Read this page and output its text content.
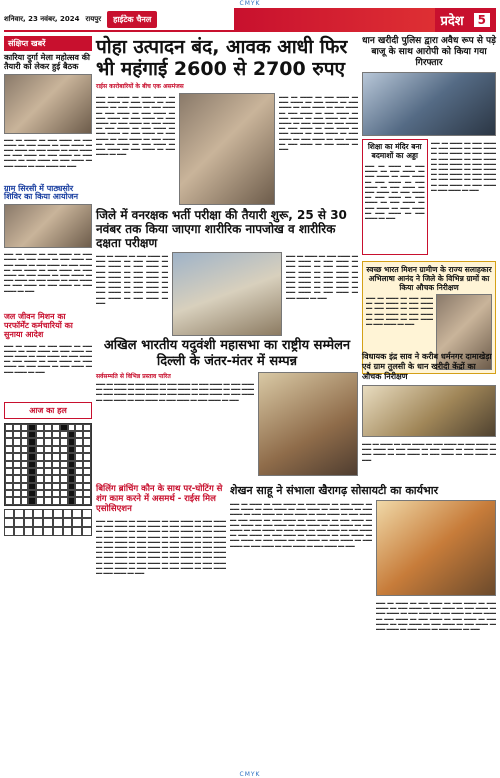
CMYK
शनिवार, 23 नवंबर, 2024 रायपुर	हाईटेक चैनल	प्रदेश	5
संक्षिप्त खबरें
कारिया दुर्गा मेला महोत्सव की तैयारी को लेकर हुई बैठक
▂▂▂ ▂▂ ▂▂▂▂ ▂▂ ▂▂▂ ▂▂▂▂ ▂▂ ▂▂▂ ▂▂▂▂ ▂▂ ▂▂▂ ▂▂▂▂ ▂▂ ▂▂▂ ▂▂▂▂ ▂▂ ▂▂▂ ▂▂▂▂ ▂▂ ▂▂▂ ▂▂▂▂ ▂▂ ▂▂▂ ▂▂▂▂ ▂▂ ▂▂▂ ▂▂▂▂ ▂▂ ▂▂▂ ▂▂▂▂ ▂▂ ▂▂▂ ▂▂▂▂ ▂▂ ▂▂▂ ▂▂▂▂ ▂▂ ▂▂▂ ▂▂▂▂ ▂▂ ▂▂▂ ▂▂▂▂ ▂▂ ▂▂▂ ▂▂▂▂ ▂▂ ▂▂▂
ग्राम सिरसी में पाठ्यसोर शिविर का किया आयोजन
▂▂▂ ▂▂ ▂▂▂▂ ▂▂ ▂▂▂ ▂▂▂▂ ▂▂ ▂▂▂ ▂▂▂▂ ▂▂ ▂▂▂ ▂▂▂▂ ▂▂ ▂▂▂ ▂▂▂▂ ▂▂ ▂▂▂ ▂▂▂▂ ▂▂ ▂▂▂ ▂▂▂▂ ▂▂ ▂▂▂ ▂▂▂▂ ▂▂ ▂▂▂ ▂▂▂▂ ▂▂ ▂▂▂ ▂▂▂▂ ▂▂ ▂▂▂ ▂▂▂▂ ▂▂ ▂▂▂ ▂▂▂▂ ▂▂ ▂▂▂ ▂▂▂▂ ▂▂ ▂▂▂ ▂▂▂▂ ▂▂ ▂▂▂ ▂▂▂▂ ▂▂ ▂▂▂ ▂▂▂▂ ▂▂ ▂▂▂ ▂▂▂▂ ▂▂ ▂▂▂ ▂▂▂▂ ▂▂ ▂▂▂ ▂▂▂▂ ▂▂ ▂▂▂
जल जीवन मिशन का परफॉर्मेंट कर्मचारियों का सुनाया आदेश
▂▂▂ ▂▂ ▂▂▂▂ ▂▂ ▂▂▂ ▂▂▂▂ ▂▂ ▂▂▂ ▂▂▂▂ ▂▂ ▂▂▂ ▂▂▂▂ ▂▂ ▂▂▂ ▂▂▂▂ ▂▂ ▂▂▂ ▂▂▂▂ ▂▂ ▂▂▂ ▂▂▂▂ ▂▂ ▂▂▂ ▂▂▂▂ ▂▂ ▂▂▂ ▂▂▂▂ ▂▂ ▂▂▂ ▂▂▂▂ ▂▂ ▂▂▂ ▂▂▂▂ ▂▂ ▂▂▂ ▂▂▂▂ ▂▂ ▂▂▂ ▂▂▂▂ ▂▂ ▂▂▂ ▂▂▂▂ ▂▂ ▂▂▂
आज का हल
पोहा उत्पादन बंद, आवक आधी फिर भी महंगाई 2600 से 2700 रुपए
राईस कारोबारियों के बीच एक असमंजस
▂▂▂ ▂▂ ▂▂▂▂ ▂▂ ▂▂▂ ▂▂▂▂ ▂▂ ▂▂▂ ▂▂▂▂ ▂▂ ▂▂▂ ▂▂▂▂ ▂▂ ▂▂▂ ▂▂▂▂ ▂▂ ▂▂▂ ▂▂▂▂ ▂▂ ▂▂▂ ▂▂▂▂ ▂▂ ▂▂▂ ▂▂▂▂ ▂▂ ▂▂▂ ▂▂▂▂ ▂▂ ▂▂▂ ▂▂▂▂ ▂▂ ▂▂▂ ▂▂▂▂ ▂▂ ▂▂▂ ▂▂▂▂ ▂▂ ▂▂▂ ▂▂▂▂ ▂▂ ▂▂▂ ▂▂▂▂ ▂▂ ▂▂▂ ▂▂▂▂ ▂▂ ▂▂▂ ▂▂▂▂ ▂▂ ▂▂▂ ▂▂▂▂ ▂▂ ▂▂▂ ▂▂▂▂ ▂▂ ▂▂▂ ▂▂▂▂ ▂▂ ▂▂▂ ▂▂▂▂ ▂▂ ▂▂▂ ▂▂▂▂ ▂▂ ▂▂▂ ▂▂▂▂ ▂▂ ▂▂▂ ▂▂▂▂ ▂▂ ▂▂▂ ▂▂▂▂ ▂▂ ▂▂▂ ▂▂▂▂ ▂▂ ▂▂▂ ▂▂▂▂ ▂▂ ▂▂▂
▂▂▂ ▂▂ ▂▂▂▂ ▂▂ ▂▂▂ ▂▂▂▂ ▂▂ ▂▂▂ ▂▂▂▂ ▂▂ ▂▂▂ ▂▂▂▂ ▂▂ ▂▂▂ ▂▂▂▂ ▂▂ ▂▂▂ ▂▂▂▂ ▂▂ ▂▂▂ ▂▂▂▂ ▂▂ ▂▂▂ ▂▂▂▂ ▂▂ ▂▂▂ ▂▂▂▂ ▂▂ ▂▂▂ ▂▂▂▂ ▂▂ ▂▂▂ ▂▂▂▂ ▂▂ ▂▂▂ ▂▂▂▂ ▂▂ ▂▂▂ ▂▂▂▂ ▂▂ ▂▂▂ ▂▂▂▂ ▂▂ ▂▂▂ ▂▂▂▂ ▂▂ ▂▂▂ ▂▂▂▂ ▂▂ ▂▂▂ ▂▂▂▂ ▂▂ ▂▂▂ ▂▂▂▂ ▂▂ ▂▂▂ ▂▂▂▂ ▂▂ ▂▂▂ ▂▂▂▂ ▂▂ ▂▂▂ ▂▂▂▂ ▂▂ ▂▂▂ ▂▂▂▂ ▂▂ ▂▂▂ ▂▂▂▂ ▂▂ ▂▂▂
जिले में वनरक्षक भर्ती परीक्षा की तैयारी शुरू, 25 से 30 नवंबर तक किया जाएगा शारीरिक नापजोख व शारीरिक दक्षता परीक्षण
▂▂▂ ▂▂ ▂▂▂▂ ▂▂ ▂▂▂ ▂▂▂▂ ▂▂ ▂▂▂ ▂▂▂▂ ▂▂ ▂▂▂ ▂▂▂▂ ▂▂ ▂▂▂ ▂▂▂▂ ▂▂ ▂▂▂ ▂▂▂▂ ▂▂ ▂▂▂ ▂▂▂▂ ▂▂ ▂▂▂ ▂▂▂▂ ▂▂ ▂▂▂ ▂▂▂▂ ▂▂ ▂▂▂ ▂▂▂▂ ▂▂ ▂▂▂ ▂▂▂▂ ▂▂ ▂▂▂ ▂▂▂▂ ▂▂ ▂▂▂ ▂▂▂▂ ▂▂ ▂▂▂ ▂▂▂▂ ▂▂ ▂▂▂ ▂▂▂▂ ▂▂ ▂▂▂ ▂▂▂▂ ▂▂ ▂▂▂ ▂▂▂▂ ▂▂ ▂▂▂ ▂▂▂▂ ▂▂ ▂▂▂
▂▂▂ ▂▂ ▂▂▂▂ ▂▂ ▂▂▂ ▂▂▂▂ ▂▂ ▂▂▂ ▂▂▂▂ ▂▂ ▂▂▂ ▂▂▂▂ ▂▂ ▂▂▂ ▂▂▂▂ ▂▂ ▂▂▂ ▂▂▂▂ ▂▂ ▂▂▂ ▂▂▂▂ ▂▂ ▂▂▂ ▂▂▂▂ ▂▂ ▂▂▂ ▂▂▂▂ ▂▂ ▂▂▂ ▂▂▂▂ ▂▂ ▂▂▂ ▂▂▂▂ ▂▂ ▂▂▂ ▂▂▂▂ ▂▂ ▂▂▂ ▂▂▂▂ ▂▂ ▂▂▂ ▂▂▂▂ ▂▂ ▂▂▂ ▂▂▂▂ ▂▂ ▂▂▂ ▂▂▂▂ ▂▂ ▂▂▂ ▂▂▂▂ ▂▂ ▂▂▂
अखिल भारतीय यदुवंशी महासभा का राष्ट्रीय सम्मेलन दिल्ली के जंतर-मंतर में सम्पन्न
सर्वसम्मति से विभिन्न प्रस्ताव पारित
▂▂▂ ▂▂ ▂▂▂▂ ▂▂ ▂▂▂ ▂▂▂▂ ▂▂ ▂▂▂ ▂▂▂▂ ▂▂ ▂▂▂ ▂▂▂▂ ▂▂ ▂▂▂ ▂▂▂▂ ▂▂ ▂▂▂ ▂▂▂▂ ▂▂ ▂▂▂ ▂▂▂▂ ▂▂ ▂▂▂ ▂▂▂▂ ▂▂ ▂▂▂ ▂▂▂▂ ▂▂ ▂▂▂ ▂▂▂▂ ▂▂ ▂▂▂ ▂▂▂▂ ▂▂ ▂▂▂ ▂▂▂▂ ▂▂ ▂▂▂ ▂▂▂▂ ▂▂ ▂▂▂ ▂▂▂▂ ▂▂ ▂▂▂ ▂▂▂▂ ▂▂ ▂▂▂ ▂▂▂▂ ▂▂ ▂▂▂ ▂▂▂▂ ▂▂ ▂▂▂ ▂▂▂▂ ▂▂ ▂▂▂ ▂▂▂▂ ▂▂ ▂▂▂
बिलिंग ब्रांचिंग कौन के साथ पर-घोटिंग से शंग काम करने में असमर्थ - राईस मिल एसोसिएशन
▂▂▂ ▂▂ ▂▂▂▂ ▂▂ ▂▂▂ ▂▂▂▂ ▂▂ ▂▂▂ ▂▂▂▂ ▂▂ ▂▂▂ ▂▂▂▂ ▂▂ ▂▂▂ ▂▂▂▂ ▂▂ ▂▂▂ ▂▂▂▂ ▂▂ ▂▂▂ ▂▂▂▂ ▂▂ ▂▂▂ ▂▂▂▂ ▂▂ ▂▂▂ ▂▂▂▂ ▂▂ ▂▂▂ ▂▂▂▂ ▂▂ ▂▂▂ ▂▂▂▂ ▂▂ ▂▂▂ ▂▂▂▂ ▂▂ ▂▂▂ ▂▂▂▂ ▂▂ ▂▂▂ ▂▂▂▂ ▂▂ ▂▂▂ ▂▂▂▂ ▂▂ ▂▂▂ ▂▂▂▂ ▂▂ ▂▂▂ ▂▂▂▂ ▂▂ ▂▂▂ ▂▂▂▂ ▂▂ ▂▂▂ ▂▂▂▂ ▂▂ ▂▂▂ ▂▂▂▂ ▂▂ ▂▂▂ ▂▂▂▂ ▂▂ ▂▂▂ ▂▂▂▂ ▂▂ ▂▂▂ ▂▂▂▂ ▂▂ ▂▂▂ ▂▂▂▂ ▂▂ ▂▂▂ ▂▂▂▂ ▂▂ ▂▂▂ ▂▂▂▂ ▂▂ ▂▂▂ ▂▂▂▂ ▂▂ ▂▂▂ ▂▂▂▂ ▂▂ ▂▂▂ ▂▂▂▂ ▂▂ ▂▂▂ ▂▂▂▂ ▂▂ ▂▂▂ ▂▂▂▂ ▂▂ ▂▂▂ ▂▂▂▂ ▂▂ ▂▂▂ ▂▂▂▂ ▂▂ ▂▂▂ ▂▂▂▂ ▂▂ ▂▂▂ ▂▂▂▂ ▂▂ ▂▂▂ ▂▂▂▂ ▂▂ ▂▂▂ ▂▂▂▂ ▂▂ ▂▂▂ ▂▂▂▂ ▂▂ ▂▂▂ ▂▂▂▂ ▂▂ ▂▂▂ ▂▂▂▂ ▂▂ ▂▂▂ ▂▂▂▂ ▂▂ ▂▂▂
शेखन साहू ने संभाला खैरागढ़ सोसायटी का कार्यभार
▂▂▂ ▂▂ ▂▂▂▂ ▂▂ ▂▂▂ ▂▂▂▂ ▂▂ ▂▂▂ ▂▂▂▂ ▂▂ ▂▂▂ ▂▂▂▂ ▂▂ ▂▂▂ ▂▂▂▂ ▂▂ ▂▂▂ ▂▂▂▂ ▂▂ ▂▂▂ ▂▂▂▂ ▂▂ ▂▂▂ ▂▂▂▂ ▂▂ ▂▂▂ ▂▂▂▂ ▂▂ ▂▂▂ ▂▂▂▂ ▂▂ ▂▂▂ ▂▂▂▂ ▂▂ ▂▂▂ ▂▂▂▂ ▂▂ ▂▂▂ ▂▂▂▂ ▂▂ ▂▂▂ ▂▂▂▂ ▂▂ ▂▂▂ ▂▂▂▂ ▂▂ ▂▂▂ ▂▂▂▂ ▂▂ ▂▂▂ ▂▂▂▂ ▂▂ ▂▂▂ ▂▂▂▂ ▂▂ ▂▂▂ ▂▂▂▂ ▂▂ ▂▂▂ ▂▂▂▂ ▂▂ ▂▂▂ ▂▂▂▂ ▂▂ ▂▂▂ ▂▂▂▂ ▂▂ ▂▂▂ ▂▂▂▂ ▂▂ ▂▂▂ ▂▂▂▂ ▂▂ ▂▂▂ ▂▂▂▂ ▂▂ ▂▂▂ ▂▂▂▂ ▂▂ ▂▂▂ ▂▂▂▂ ▂▂ ▂▂▂ ▂▂▂▂ ▂▂ ▂▂▂ ▂▂▂▂ ▂▂ ▂▂▂ ▂▂▂▂ ▂▂ ▂▂▂ ▂▂▂▂ ▂▂ ▂▂▂ ▂▂▂▂ ▂▂ ▂▂▂ ▂▂▂▂ ▂▂ ▂▂▂ ▂▂▂▂ ▂▂ ▂▂▂ ▂▂▂▂ ▂▂ ▂▂▂ ▂▂▂▂ ▂▂ ▂▂▂ ▂▂▂▂ ▂▂ ▂▂▂ ▂▂▂▂ ▂▂ ▂▂▂
▂▂▂ ▂▂ ▂▂▂▂ ▂▂ ▂▂▂ ▂▂▂▂ ▂▂ ▂▂▂ ▂▂▂▂ ▂▂ ▂▂▂ ▂▂▂▂ ▂▂ ▂▂▂ ▂▂▂▂ ▂▂ ▂▂▂ ▂▂▂▂ ▂▂ ▂▂▂ ▂▂▂▂ ▂▂ ▂▂▂ ▂▂▂▂ ▂▂ ▂▂▂ ▂▂▂▂ ▂▂ ▂▂▂ ▂▂▂▂ ▂▂ ▂▂▂ ▂▂▂▂ ▂▂ ▂▂▂ ▂▂▂▂ ▂▂ ▂▂▂ ▂▂▂▂ ▂▂ ▂▂▂ ▂▂▂▂ ▂▂ ▂▂▂ ▂▂▂▂ ▂▂ ▂▂▂ ▂▂▂▂ ▂▂ ▂▂▂ ▂▂▂▂ ▂▂ ▂▂▂ ▂▂▂▂ ▂▂ ▂▂▂ ▂▂▂▂ ▂▂ ▂▂▂ ▂▂▂▂ ▂▂ ▂▂▂ ▂▂▂▂ ▂▂ ▂▂▂
धान खरीदी पुलिस द्वारा अवैध रूप से पड़े बाजू के साथ आरोपी को किया गया गिरफ्तार
शिक्षा का मंदिर बना बदमाशों का अड्डा
▂▂▂ ▂▂ ▂▂▂▂ ▂▂ ▂▂▂ ▂▂▂▂ ▂▂ ▂▂▂ ▂▂▂▂ ▂▂ ▂▂▂ ▂▂▂▂ ▂▂ ▂▂▂ ▂▂▂▂ ▂▂ ▂▂▂ ▂▂▂▂ ▂▂ ▂▂▂ ▂▂▂▂ ▂▂ ▂▂▂ ▂▂▂▂ ▂▂ ▂▂▂ ▂▂▂▂ ▂▂ ▂▂▂ ▂▂▂▂ ▂▂ ▂▂▂ ▂▂▂▂ ▂▂ ▂▂▂ ▂▂▂▂ ▂▂ ▂▂▂ ▂▂▂▂ ▂▂ ▂▂▂ ▂▂▂▂ ▂▂ ▂▂▂ ▂▂▂▂ ▂▂ ▂▂▂ ▂▂▂▂ ▂▂ ▂▂▂ ▂▂▂▂ ▂▂ ▂▂▂
▂▂▂ ▂▂ ▂▂▂▂ ▂▂ ▂▂▂ ▂▂▂▂ ▂▂ ▂▂▂ ▂▂▂▂ ▂▂ ▂▂▂ ▂▂▂▂ ▂▂ ▂▂▂ ▂▂▂▂ ▂▂ ▂▂▂ ▂▂▂▂ ▂▂ ▂▂▂ ▂▂▂▂ ▂▂ ▂▂▂ ▂▂▂▂ ▂▂ ▂▂▂ ▂▂▂▂ ▂▂ ▂▂▂ ▂▂▂▂ ▂▂ ▂▂▂ ▂▂▂▂ ▂▂ ▂▂▂ ▂▂▂▂ ▂▂ ▂▂▂ ▂▂▂▂ ▂▂ ▂▂▂ ▂▂▂▂ ▂▂ ▂▂▂ ▂▂▂▂ ▂▂ ▂▂▂ ▂▂▂▂ ▂▂ ▂▂▂ ▂▂▂▂ ▂▂ ▂▂▂ ▂▂▂▂ ▂▂ ▂▂▂ ▂▂▂▂ ▂▂ ▂▂▂
स्वच्छ भारत मिशन ग्रामीण के राज्य सलाहकार अभिलाषा आनंद ने जिले के विभिन्न ग्रामों का किया औचक निरीक्षण
▂▂▂ ▂▂ ▂▂▂▂ ▂▂ ▂▂▂ ▂▂▂▂ ▂▂ ▂▂▂ ▂▂▂▂ ▂▂ ▂▂▂ ▂▂▂▂ ▂▂ ▂▂▂ ▂▂▂▂ ▂▂ ▂▂▂ ▂▂▂▂ ▂▂ ▂▂▂ ▂▂▂▂ ▂▂ ▂▂▂ ▂▂▂▂ ▂▂ ▂▂▂ ▂▂▂▂ ▂▂ ▂▂▂ ▂▂▂▂ ▂▂ ▂▂▂ ▂▂▂▂ ▂▂ ▂▂▂
विधायक इंद्र साव ने करीब धर्मनगर दामाखेड़ा एवं ग्राम तुलसी के धान खरीदी केंद्रों का औचक निरीक्षण
▂▂▂ ▂▂ ▂▂▂▂ ▂▂ ▂▂▂ ▂▂▂▂ ▂▂ ▂▂▂ ▂▂▂▂ ▂▂ ▂▂▂ ▂▂▂▂ ▂▂ ▂▂▂ ▂▂▂▂ ▂▂ ▂▂▂ ▂▂▂▂ ▂▂ ▂▂▂ ▂▂▂▂ ▂▂ ▂▂▂ ▂▂▂▂ ▂▂ ▂▂▂ ▂▂▂▂ ▂▂ ▂▂▂ ▂▂▂▂ ▂▂ ▂▂▂ ▂▂▂▂ ▂▂ ▂▂▂ ▂▂▂▂ ▂▂ ▂▂▂
CMYK
